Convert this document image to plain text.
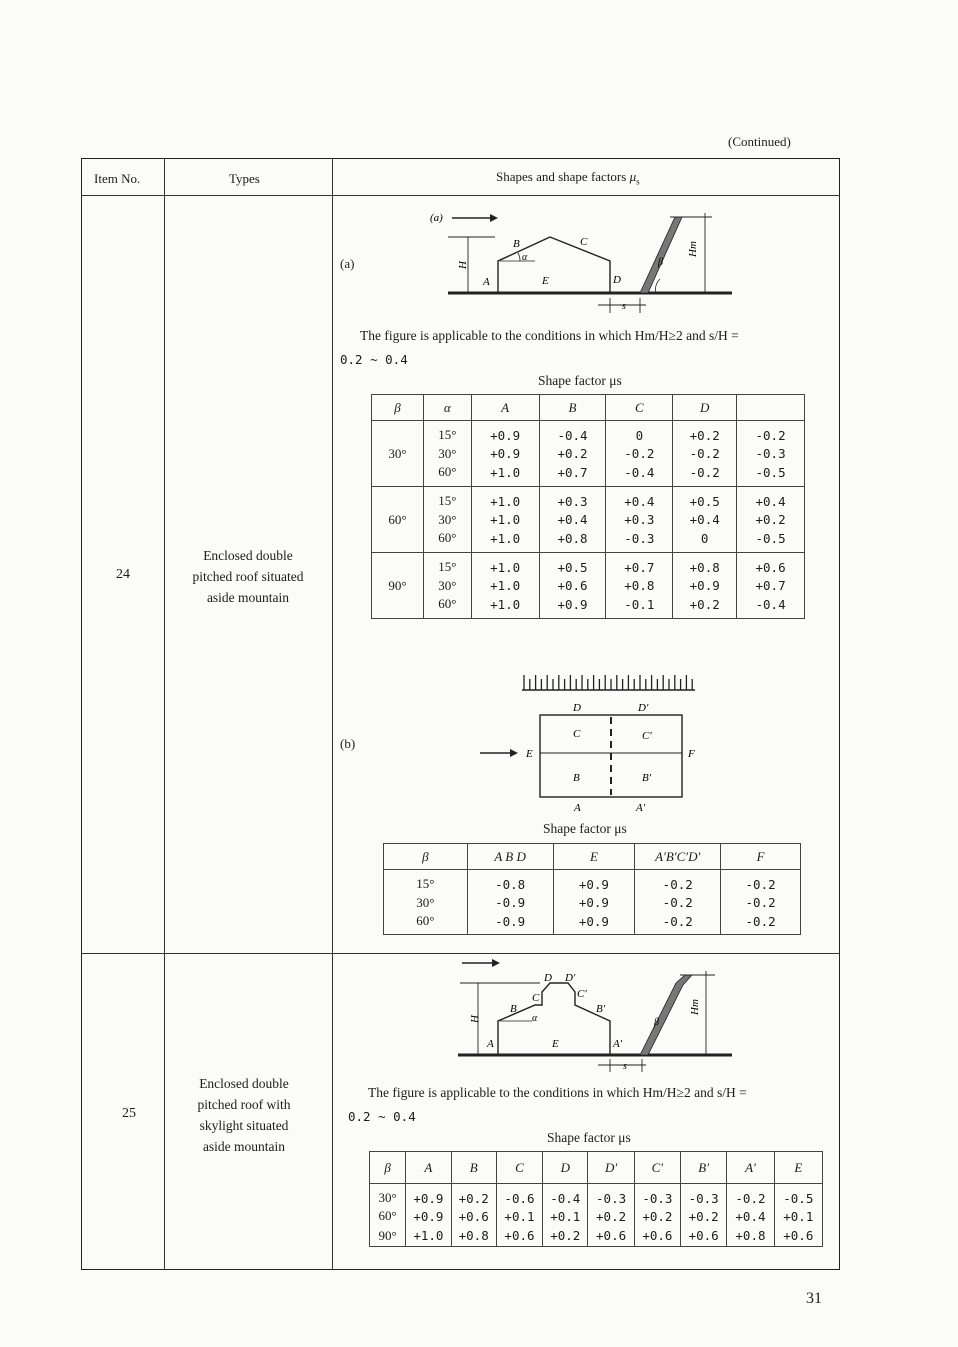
(Continued)
Item No.	Types	Shapes and shape factors $\mu_s$
24
Enclosed double
pitched roof situated
aside mountain
(a)
(a)
B	C
α
A	E	D
H
Hm
β
s
The figure is applicable to the conditions in which Hm/H≥2 and s/H =
0.2 ~ 0.4
Shape factor μs
β	α	A	B	C	D	
30°	15°	+0.9	-0.4	0	+0.2	-0.2
	30°	+0.9	+0.2	-0.2	-0.2	-0.3
	60°	+1.0	+0.7	-0.4	-0.2	-0.5
60°	15°	+1.0	+0.3	+0.4	+0.5	+0.4
	30°	+1.0	+0.4	+0.3	+0.4	+0.2
	60°	+1.0	+0.8	-0.3	0	-0.5
90°	15°	+1.0	+0.5	+0.7	+0.8	+0.6
	30°	+1.0	+0.6	+0.8	+0.9	+0.7
	60°	+1.0	+0.9	-0.1	+0.2	-0.4
(b)
D	D′
C	C′
B	B′
A	A′
E	F
Shape factor μs
β	A B D	E	A′B′C′D′	F
15°	-0.8	+0.9	-0.2	-0.2
30°	-0.9	+0.9	-0.2	-0.2
60°	-0.9	+0.9	-0.2	-0.2
25
Enclosed double
pitched roof with
skylight situated
aside mountain
D D′
C	C′
B	B′
α
A	E	A′
H
Hm
β
s
The figure is applicable to the conditions in which Hm/H≥2 and s/H =
0.2 ~ 0.4
Shape factor μs
β	A	B	C	D	D′	C′	B′	A′	E
30°	+0.9	+0.2	-0.6	-0.4	-0.3	-0.3	-0.3	-0.2	-0.5
60°	+0.9	+0.6	+0.1	+0.1	+0.2	+0.2	+0.2	+0.4	+0.1
90°	+1.0	+0.8	+0.6	+0.2	+0.6	+0.6	+0.6	+0.8	+0.6
31
